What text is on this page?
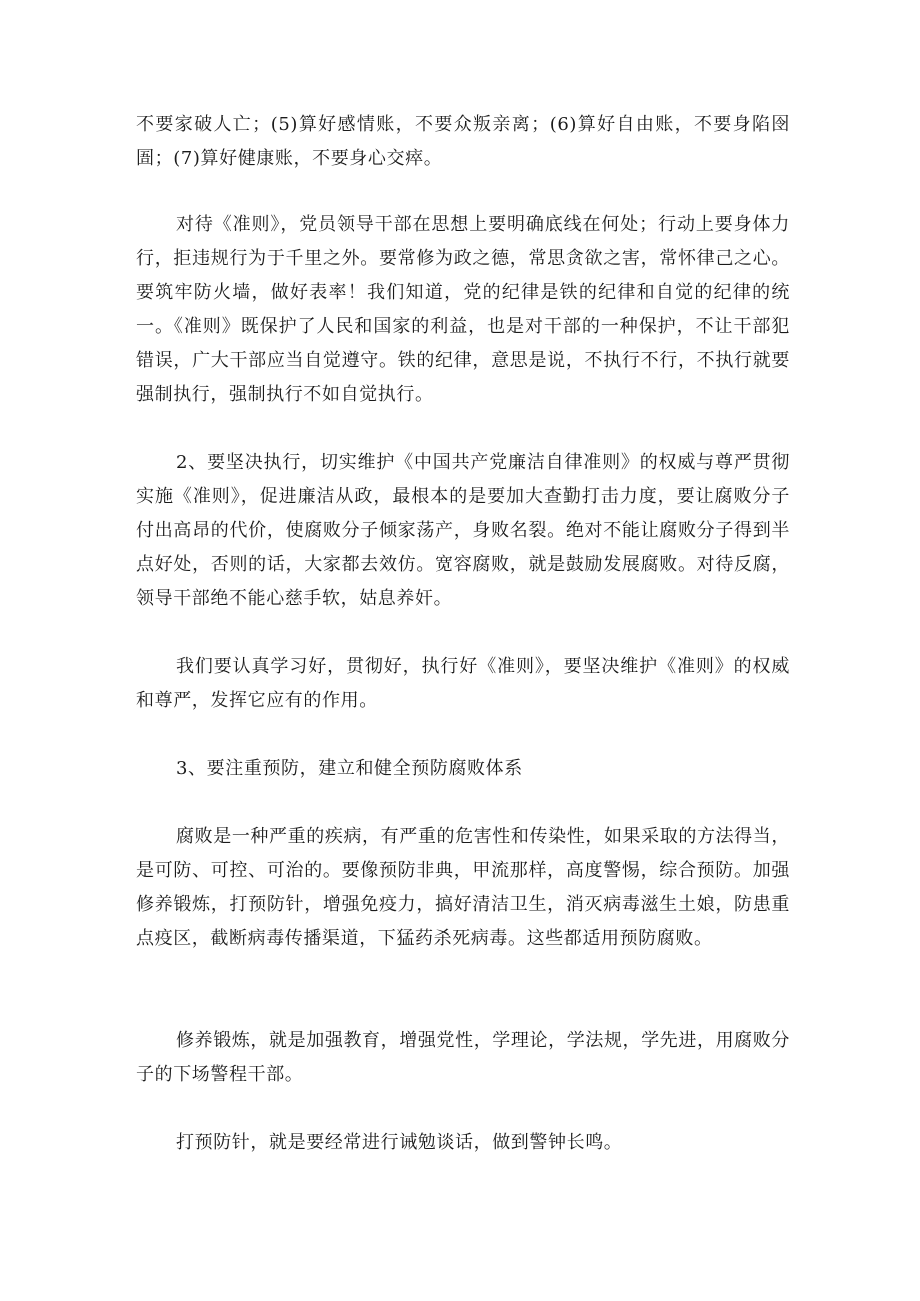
不要家破人亡；(5)算好感情账，不要众叛亲离；(6)算好自由账，不要身陷囹圄；(7)算好健康账，不要身心交瘁。

对待《准则》，党员领导干部在思想上要明确底线在何处；行动上要身体力行，拒违规行为于千里之外。要常修为政之德，常思贪欲之害，常怀律己之心。要筑牢防火墙，做好表率！我们知道，党的纪律是铁的纪律和自觉的纪律的统一。《准则》既保护了人民和国家的利益，也是对干部的一种保护，不让干部犯错误，广大干部应当自觉遵守。铁的纪律，意思是说，不执行不行，不执行就要强制执行，强制执行不如自觉执行。

2、要坚决执行，切实维护《中国共产党廉洁自律准则》的权威与尊严贯彻实施《准则》，促进廉洁从政，最根本的是要加大查勤打击力度，要让腐败分子付出高昂的代价，使腐败分子倾家荡产，身败名裂。绝对不能让腐败分子得到半点好处，否则的话，大家都去效仿。宽容腐败，就是鼓励发展腐败。对待反腐，领导干部绝不能心慈手软，姑息养奸。

我们要认真学习好，贯彻好，执行好《准则》，要坚决维护《准则》的权威和尊严，发挥它应有的作用。

3、要注重预防，建立和健全预防腐败体系

腐败是一种严重的疾病，有严重的危害性和传染性，如果采取的方法得当，是可防、可控、可治的。要像预防非典，甲流那样，高度警惕，综合预防。加强修养锻炼，打预防针，增强免疫力，搞好清洁卫生，消灭病毒滋生土娘，防患重点疫区，截断病毒传播渠道，下猛药杀死病毒。这些都适用预防腐败。

修养锻炼，就是加强教育，增强党性，学理论，学法规，学先进，用腐败分子的下场警程干部。

打预防针，就是要经常进行诫勉谈话，做到警钟长鸣。
